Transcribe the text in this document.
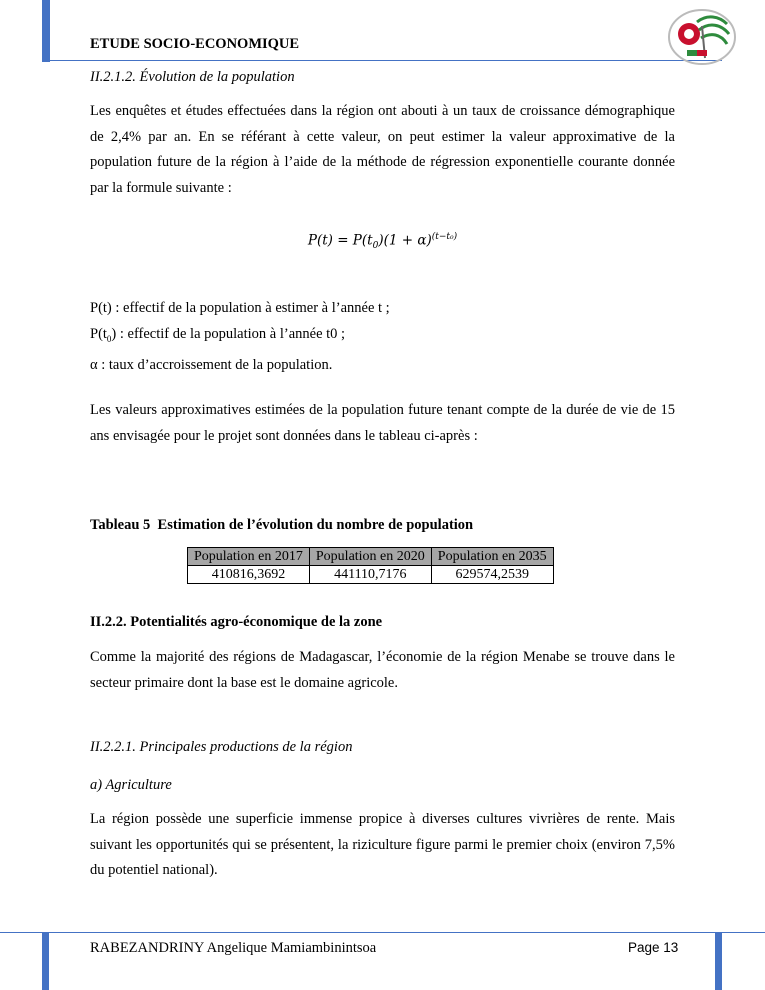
ETUDE SOCIO-ECONOMIQUE
II.2.1.2. Évolution de la population

Les enquêtes et études effectuées dans la région ont abouti à un taux de croissance démographique de 2,4% par an. En se référant à cette valeur, on peut estimer la valeur approximative de la population future de la région à l’aide de la méthode de régression exponentielle courante donnée par la formule suivante :

$P(t) = P(t_0)(1 + \alpha)^{(t-t_0)}$
P(t) : effectif de la population à estimer à l’année t ;
$P(t_0)$ : effectif de la population à l’année t0 ;
α : taux d’accroissement de la population.

Les valeurs approximatives estimées de la population future tenant compte de la durée de vie de 15 ans envisagée pour le projet sont données dans le tableau ci-après :

Tableau 5  Estimation de l’évolution du nombre de population
Population en 2017	Population en 2020	Population en 2035
410816,3692	441110,7176	629574,2539
II.2.2. Potentialités agro-économique de la zone

Comme la majorité des régions de Madagascar, l’économie de la région Menabe se trouve dans le secteur primaire dont la base est le domaine agricole.

II.2.2.1. Principales productions de la région
a) Agriculture

La région possède une superficie immense propice à diverses cultures vivrières de rente. Mais suivant les opportunités qui se présentent, la riziculture figure parmi le premier choix (environ 7,5% du potentiel national).

RABEZANDRINY Angelique Mamiambinintsoa	Page 13
